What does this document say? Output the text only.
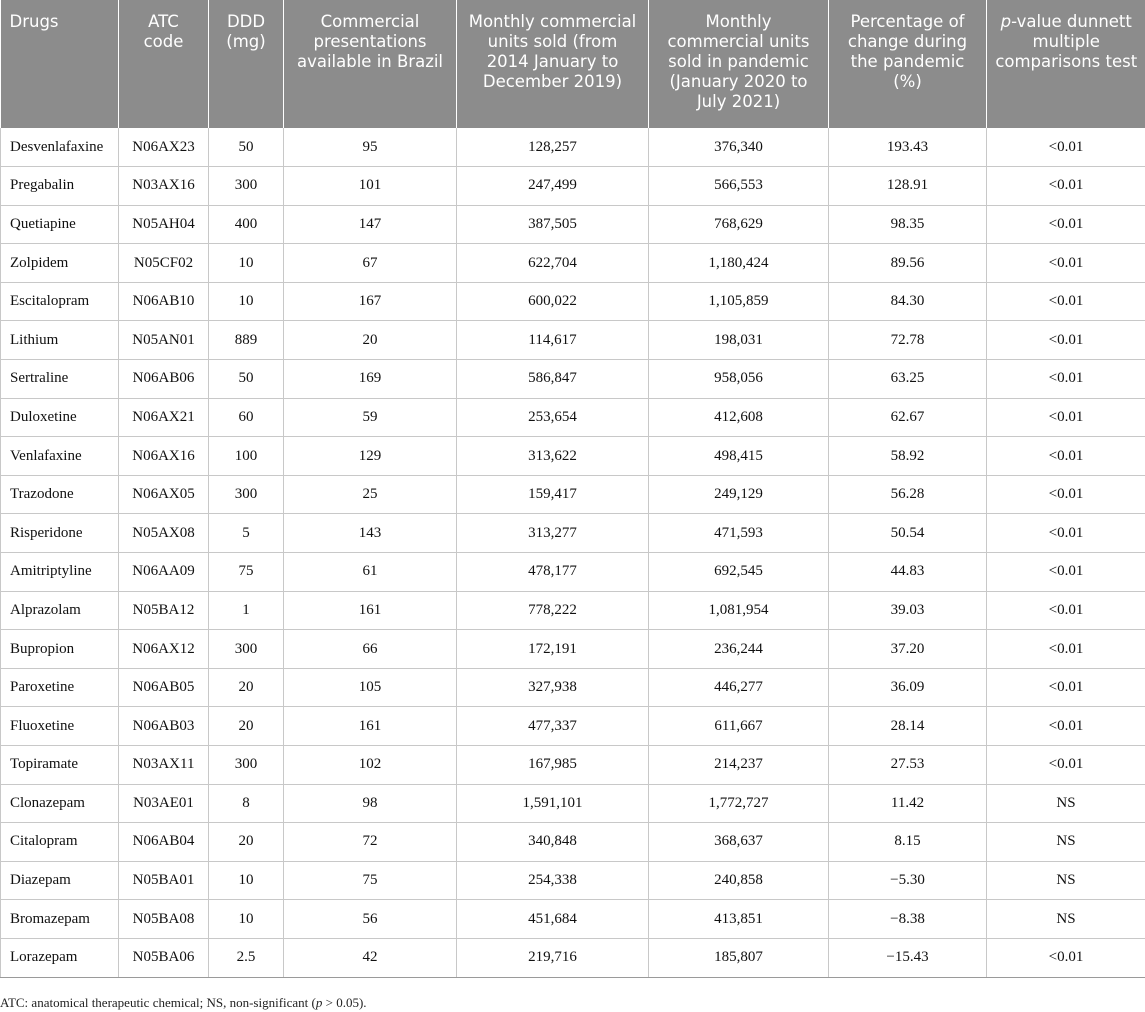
Drugs	ATC code	DDD (mg)	Commercial presentations available in Brazil	Monthly commercial units sold (from 2014 January to December 2019)	Monthly commercial units sold in pandemic (January 2020 to July 2021)	Percentage of change during the pandemic (%)	p-value dunnett multiple comparisons test
Desvenlafaxine	N06AX23	50	95	128,257	376,340	193.43	<0.01
Pregabalin	N03AX16	300	101	247,499	566,553	128.91	<0.01
Quetiapine	N05AH04	400	147	387,505	768,629	98.35	<0.01
Zolpidem	N05CF02	10	67	622,704	1,180,424	89.56	<0.01
Escitalopram	N06AB10	10	167	600,022	1,105,859	84.30	<0.01
Lithium	N05AN01	889	20	114,617	198,031	72.78	<0.01
Sertraline	N06AB06	50	169	586,847	958,056	63.25	<0.01
Duloxetine	N06AX21	60	59	253,654	412,608	62.67	<0.01
Venlafaxine	N06AX16	100	129	313,622	498,415	58.92	<0.01
Trazodone	N06AX05	300	25	159,417	249,129	56.28	<0.01
Risperidone	N05AX08	5	143	313,277	471,593	50.54	<0.01
Amitriptyline	N06AA09	75	61	478,177	692,545	44.83	<0.01
Alprazolam	N05BA12	1	161	778,222	1,081,954	39.03	<0.01
Bupropion	N06AX12	300	66	172,191	236,244	37.20	<0.01
Paroxetine	N06AB05	20	105	327,938	446,277	36.09	<0.01
Fluoxetine	N06AB03	20	161	477,337	611,667	28.14	<0.01
Topiramate	N03AX11	300	102	167,985	214,237	27.53	<0.01
Clonazepam	N03AE01	8	98	1,591,101	1,772,727	11.42	NS
Citalopram	N06AB04	20	72	340,848	368,637	8.15	NS
Diazepam	N05BA01	10	75	254,338	240,858	−5.30	NS
Bromazepam	N05BA08	10	56	451,684	413,851	−8.38	NS
Lorazepam	N05BA06	2.5	42	219,716	185,807	−15.43	<0.01
ATC: anatomical therapeutic chemical; NS, non-significant (p > 0.05).
